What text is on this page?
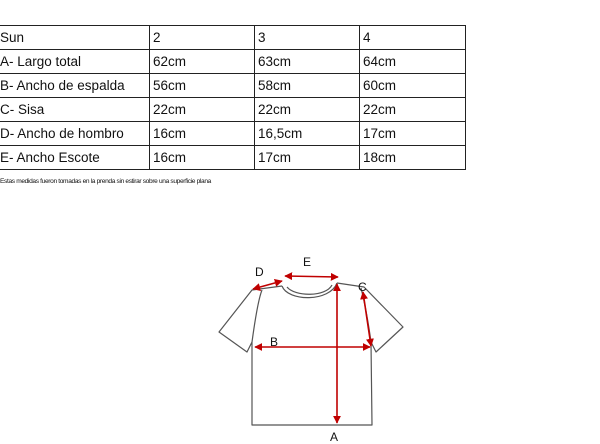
Sun	2	3	4
A- Largo total	62cm	63cm	64cm
B- Ancho de espalda	56cm	58cm	60cm
C- Sisa	22cm	22cm	22cm
D- Ancho de hombro	16cm	16,5cm	17cm
E- Ancho Escote	16cm	17cm	18cm
Estas medidas fueron tomadas en la prenda sin estirar sobre una superficie plana
E
D
C
B
A
